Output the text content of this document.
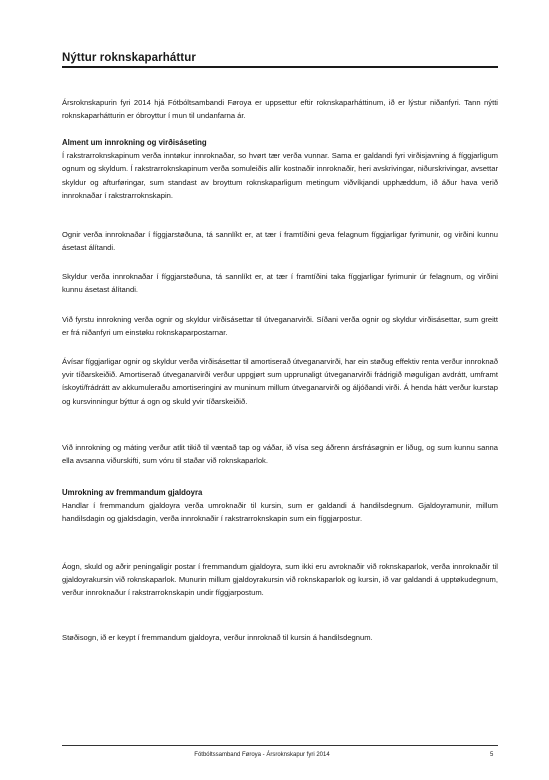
Nýttur roknskaparháttur

Ársroknskapurin fyri 2014 hjá Fótbóltsambandi Føroya er uppsettur eftir roknskaparháttinum, ið er lýstur niðanfyri. Tann nýtti roknskaparhátturin er óbroyttur í mun til undanfarna ár.

Alment um innrokning og virðisáseting

Í rakstrarroknskapinum verða inntøkur innroknaðar, so hvørt tær verða vunnar. Sama er galdandi fyri virðisjavning á fíggjarligum ognum og skyldum. Í rakstrarroknskapinum verða somuleiðis allir kostnaðir innroknaðir, heri avskrivingar, niðurskrivingar, avsettar skyldur og afturføringar, sum standast av broyttum roknskaparligum metingum viðvíkjandi upphæddum, ið áður hava verið innroknaðar í rakstrarroknskapin.

Ognir verða innroknaðar í fíggjarstøðuna, tá sannlíkt er, at tær í framtíðini geva felagnum fíggjarligar fyrimunir, og virðini kunnu ásetast álítandi.

Skyldur verða innroknaðar í fíggjarstøðuna, tá sannlíkt er, at tær í framtíðini taka fíggjarligar fyrimunir úr felagnum, og virðini kunnu ásetast álítandi.

Við fyrstu innrokning verða ognir og skyldur virðisásettar til útveganarvirði. Síðani verða ognir og skyldur virðisásettar, sum greitt er frá niðanfyri um einstøku roknskaparpostarnar.

Ávísar fíggjarligar ognir og skyldur verða virðisásettar til amortiserað útveganarvirði, har ein støðug effektiv renta verður innroknað yvir tíðarskeiðið. Amortiserað útveganarvirði verður uppgjørt sum upprunaligt útveganarvirði frádrigið møguligan avdrátt, umframt ískoyti/frádrátt av akkumuleraðu amortiseringini av muninum millum útveganarvirði og áljóðandi virði. Á henda hátt verður kurstap og kursvinningur býttur á ogn og skuld yvir tíðarskeiðið.

Við innrokning og máting verður atlit tikið til væntað tap og váðar, ið vísa seg áðrenn ársfrásøgnin er liðug, og sum kunnu sanna ella avsanna viðurskifti, sum vóru til staðar við roknskaparlok.

Umrokning av fremmandum gjaldoyra

Handlar í fremmandum gjaldoyra verða umroknaðir til kursin, sum er galdandi á handilsdegnum. Gjaldoyramunir, millum handilsdagin og gjaldsdagin, verða innroknaðir í rakstrarroknskapin sum ein fíggjarpostur.

Áogn, skuld og aðrir peningaligir postar í fremmandum gjaldoyra, sum ikki eru avroknaðir við roknskaparlok, verða innroknaðir til gjaldoyrakursin við roknskaparlok. Munurin millum gjaldoyrakursin við roknskaparlok og kursin, ið var galdandi á upptøkudegnum, verður innroknaður í rakstrarroknskapin undir fíggjarpostum.

Støðisogn, ið er keypt í fremmandum gjaldoyra, verður innroknað til kursin á handilsdegnum.

Fótbóltssamband Føroya - Ársroknskapur fyri 2014	5
